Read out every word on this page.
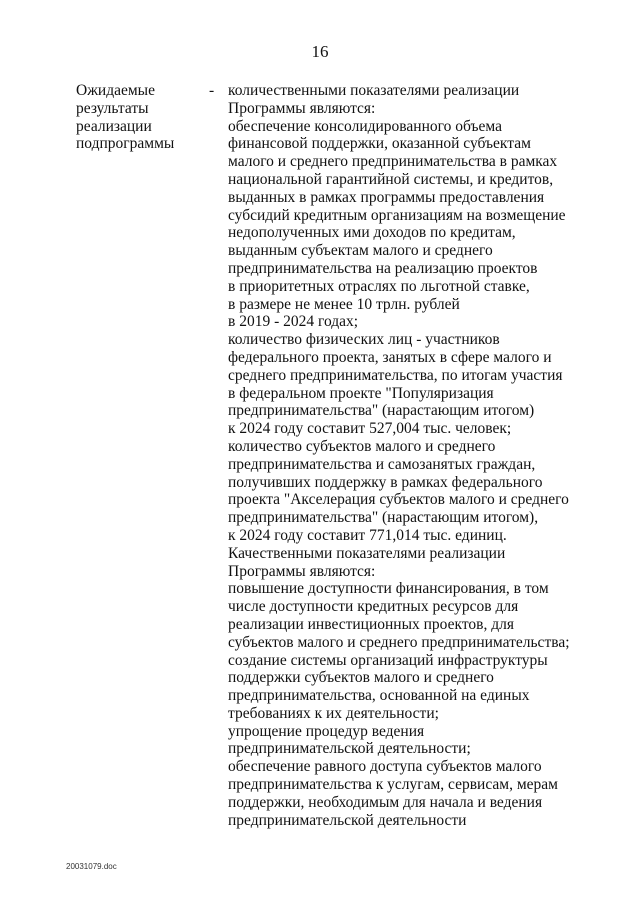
16
Ожидаемые
результаты
реализации
подпрограммы
- количественными показателями реализации
Программы являются:
обеспечение консолидированного объема
финансовой поддержки, оказанной субъектам
малого и среднего предпринимательства в рамках
национальной гарантийной системы, и кредитов,
выданных в рамках программы предоставления
субсидий кредитным организациям на возмещение
недополученных ими доходов по кредитам,
выданным субъектам малого и среднего
предпринимательства на реализацию проектов
в приоритетных отраслях по льготной ставке,
в размере не менее 10 трлн. рублей
в 2019 - 2024 годах;
количество физических лиц - участников
федерального проекта, занятых в сфере малого и
среднего предпринимательства, по итогам участия
в федеральном проекте "Популяризация
предпринимательства" (нарастающим итогом)
к 2024 году составит 527,004 тыс. человек;
количество субъектов малого и среднего
предпринимательства и самозанятых граждан,
получивших поддержку в рамках федерального
проекта "Акселерация субъектов малого и среднего
предпринимательства" (нарастающим итогом),
к 2024 году составит 771,014 тыс. единиц.
Качественными показателями реализации
Программы являются:
повышение доступности финансирования, в том
числе доступности кредитных ресурсов для
реализации инвестиционных проектов, для
субъектов малого и среднего предпринимательства;
создание системы организаций инфраструктуры
поддержки субъектов малого и среднего
предпринимательства, основанной на единых
требованиях к их деятельности;
упрощение процедур ведения
предпринимательской деятельности;
обеспечение равного доступа субъектов малого
предпринимательства к услугам, сервисам, мерам
поддержки, необходимым для начала и ведения
предпринимательской деятельности
20031079.doc
